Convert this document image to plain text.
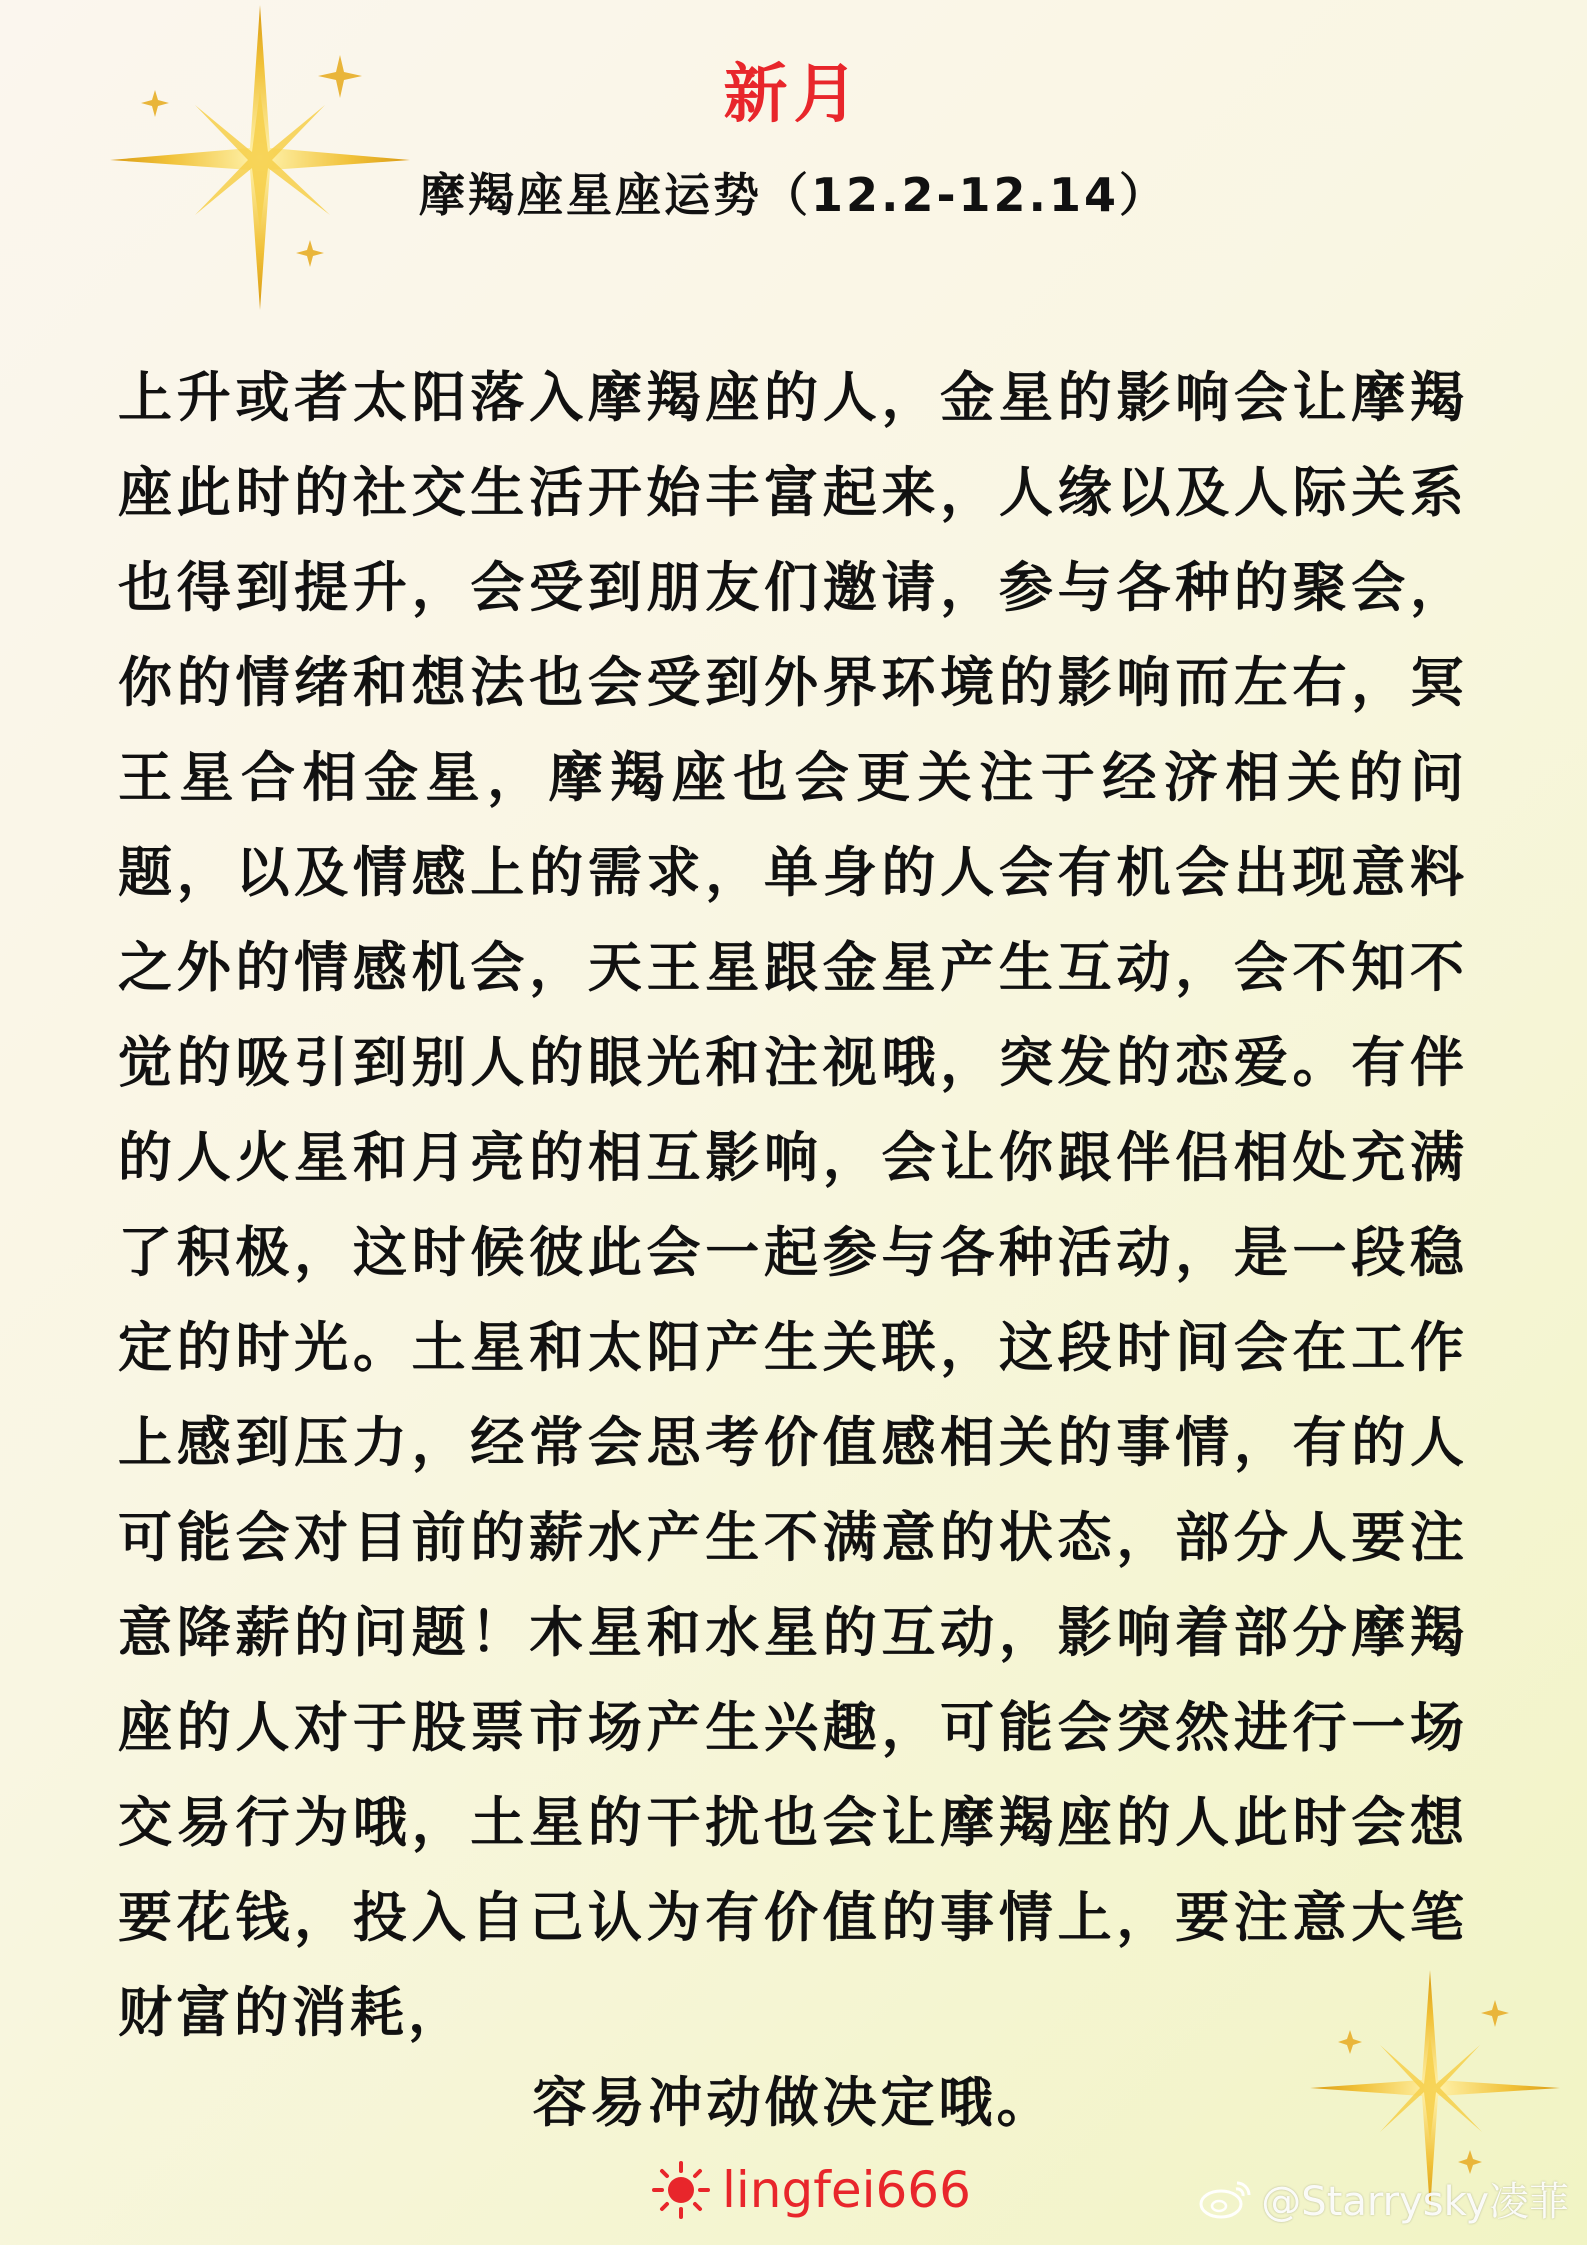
新月
摩羯座星座运势（12.2-12.14）
上升或者太阳落入摩羯座的人，金星的影响会让摩羯座此时的社交生活开始丰富起来，人缘以及人际关系也得到提升，会受到朋友们邀请，参与各种的聚会，你的情绪和想法也会受到外界环境的影响而左右，冥王星合相金星，摩羯座也会更关注于经济相关的问题，以及情感上的需求，单身的人会有机会出现意料之外的情感机会，天王星跟金星产生互动，会不知不觉的吸引到别人的眼光和注视哦，突发的恋爱。有伴的人火星和月亮的相互影响，会让你跟伴侣相处充满了积极，这时候彼此会一起参与各种活动，是一段稳定的时光。土星和太阳产生关联，这段时间会在工作上感到压力，经常会思考价值感相关的事情，有的人可能会对目前的薪水产生不满意的状态，部分人要注意降薪的问题！木星和水星的互动，影响着部分摩羯座的人对于股票市场产生兴趣，可能会突然进行一场交易行为哦，土星的干扰也会让摩羯座的人此时会想要花钱，投入自己认为有价值的事情上，要注意大笔财富的消耗，
容易冲动做决定哦。
lingfei666	@Starrysky凌菲
